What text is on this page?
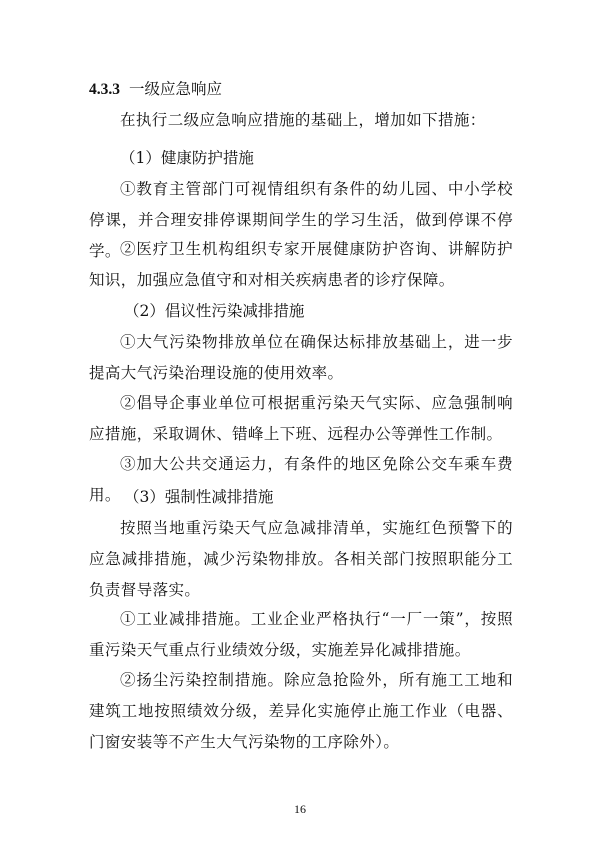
4.3.3 一级应急响应
在执行二级应急响应措施的基础上，增加如下措施：
（1）健康防护措施
①教育主管部门可视情组织有条件的幼儿园、中小学校停课，并合理安排停课期间学生的学习生活，做到停课不停学。 ②医疗卫生机构组织专家开展健康防护咨询、讲解防护知识，加强应急值守和对相关疾病患者的诊疗保障。
（2）倡议性污染减排措施
①大气污染物排放单位在确保达标排放基础上，进一步提高大气污染治理设施的使用效率。
②倡导企事业单位可根据重污染天气实际、应急强制响应措施，采取调休、错峰上下班、远程办公等弹性工作制。
③加大公共交通运力，有条件的地区免除公交车乘车费用。 （3）强制性减排措施
按照当地重污染天气应急减排清单，实施红色预警下的应急减排措施，减少污染物排放。各相关部门按照职能分工负责督导落实。
①工业减排措施。工业企业严格执行“一厂一策”，按照重污染天气重点行业绩效分级，实施差异化减排措施。
②扬尘污染控制措施。除应急抢险外，所有施工工地和建筑工地按照绩效分级，差异化实施停止施工作业（电器、门窗安装等不产生大气污染物的工序除外）。
16
